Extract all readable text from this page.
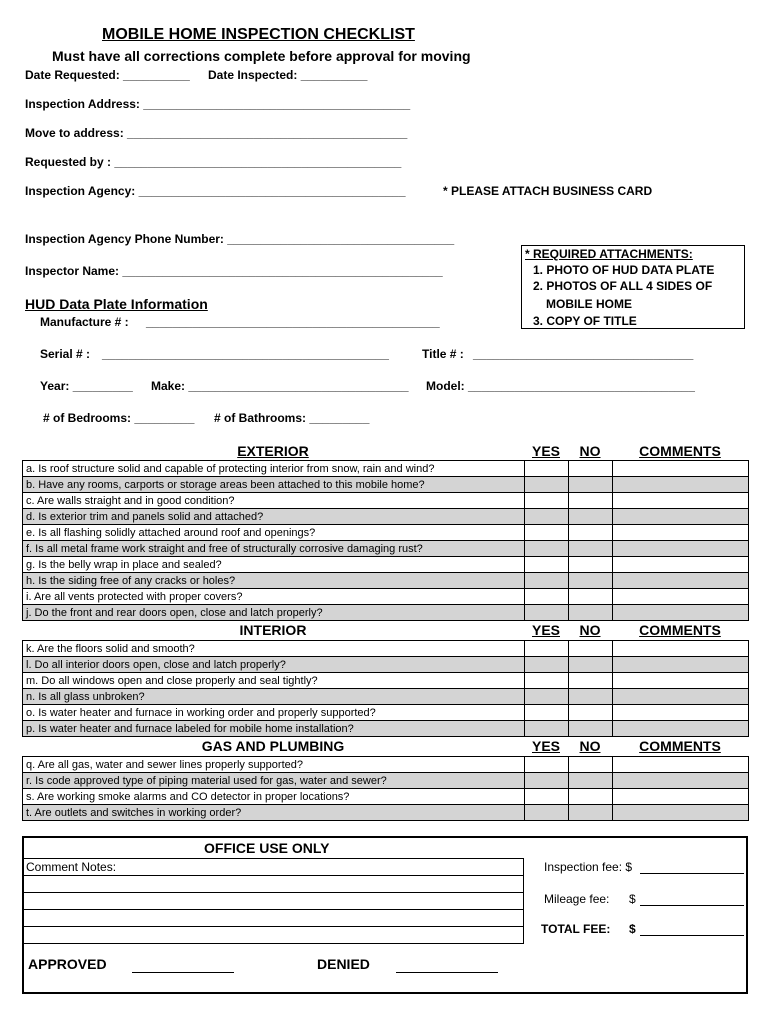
MOBILE HOME INSPECTION CHECKLIST
Must have all corrections complete before approval for moving
Date Requested: __________ Date Inspected: __________
Inspection Address: ________________________________________
Move to address: __________________________________________
Requested by : ___________________________________________
Inspection Agency: ________________________________________	* PLEASE ATTACH BUSINESS CARD
Inspection Agency Phone Number: __________________________________
Inspector Name: ________________________________________________
* REQUIRED ATTACHMENTS:
1. PHOTO OF HUD DATA PLATE
2. PHOTOS OF ALL 4 SIDES OF
MOBILE HOME
3. COPY OF TITLE
HUD Data Plate Information
Manufacture # : ____________________________________________
Serial # : ___________________________________________	Title # : _________________________________
Year: _________ Make: _________________________________ Model: __________________________________
# of Bedrooms: _________ # of Bathrooms: _________
EXTERIOR	YES	NO	COMMENTS
a. Is roof structure solid and capable of protecting interior from snow, rain and wind?			
b. Have any rooms, carports or storage areas been attached to this mobile home?			
c. Are walls straight and in good condition?			
d. Is exterior trim and panels solid and attached?			
e. Is all flashing solidly attached around roof and openings?			
f. Is all metal frame work straight and free of structurally corrosive damaging rust?			
g. Is the belly wrap in place and sealed?			
h. Is the siding free of any cracks or holes?			
i. Are all vents protected with proper covers?			
j. Do the front and rear doors open, close and latch properly?			
INTERIOR	YES	NO	COMMENTS
k. Are the floors solid and smooth?			
l. Do all interior doors open, close and latch properly?			
m. Do all windows open and close properly and seal tightly?			
n. Is all glass unbroken?			
o. Is water heater and furnace in working order and properly supported?			
p. Is water heater and furnace labeled for mobile home installation?			
GAS AND PLUMBING	YES	NO	COMMENTS
q. Are all gas, water and sewer lines properly supported?			
r. Is code approved type of piping material used for gas, water and sewer?			
s. Are working smoke alarms and CO detector in proper locations?			
t. Are outlets and switches in working order?			
OFFICE USE ONLY
Comment Notes:	Inspection fee: $
Mileage fee: $
TOTAL FEE: $
APPROVED	DENIED
